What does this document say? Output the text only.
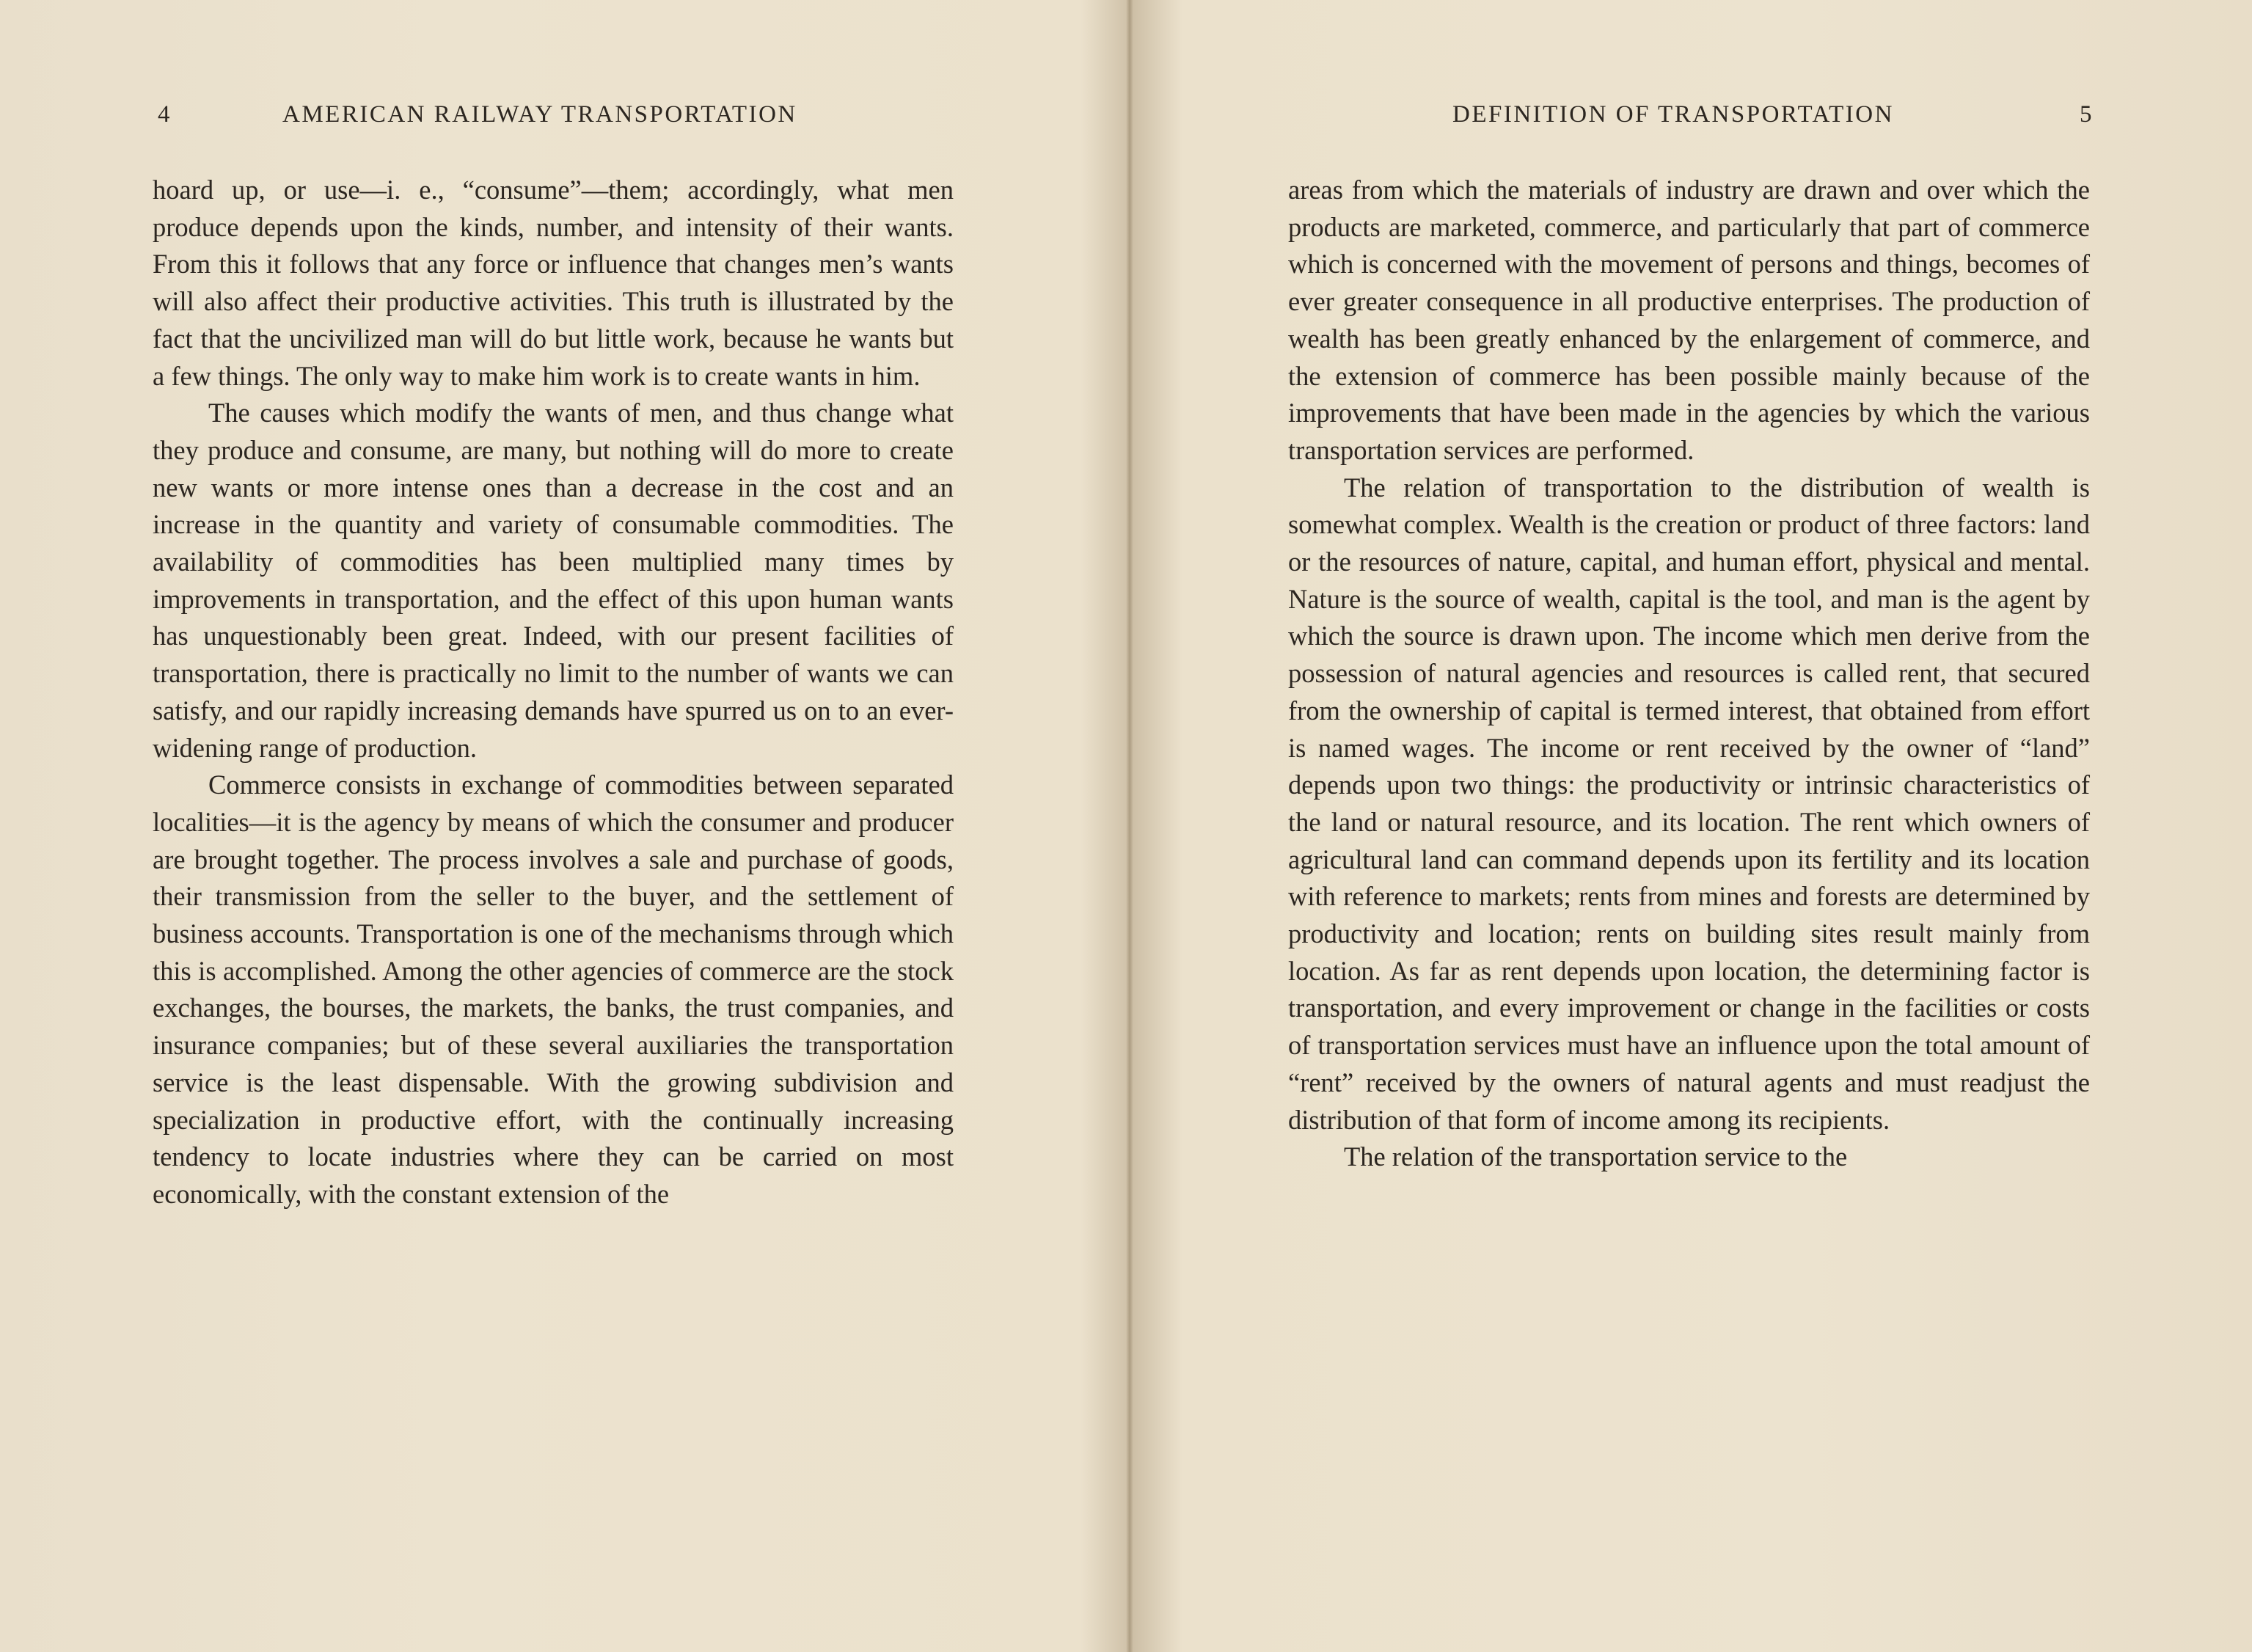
4	AMERICAN RAILWAY TRANSPORTATION

hoard up, or use—i. e., “consume”—them; accordingly, what men produce depends upon the kinds, number, and intensity of their wants. From this it follows that any force or influence that changes men’s wants will also affect their productive activities. This truth is illustrated by the fact that the uncivilized man will do but little work, because he wants but a few things. The only way to make him work is to create wants in him.

The causes which modify the wants of men, and thus change what they produce and consume, are many, but nothing will do more to create new wants or more intense ones than a decrease in the cost and an increase in the quantity and variety of consumable commodities. The availability of commodities has been multiplied many times by improvements in transportation, and the effect of this upon human wants has unquestionably been great. Indeed, with our present facilities of transportation, there is practically no limit to the number of wants we can satisfy, and our rapidly increasing demands have spurred us on to an ever-widening range of production.

Commerce consists in exchange of commodities between separated localities—it is the agency by means of which the consumer and producer are brought together. The process involves a sale and purchase of goods, their transmission from the seller to the buyer, and the settlement of business accounts. Transportation is one of the mechanisms through which this is accomplished. Among the other agencies of commerce are the stock exchanges, the bourses, the markets, the banks, the trust companies, and insurance companies; but of these several auxiliaries the transportation service is the least dispensable. With the growing subdivision and specialization in productive effort, with the continually increasing tendency to locate industries where they can be carried on most economically, with the constant extension of the

DEFINITION OF TRANSPORTATION	5

areas from which the materials of industry are drawn and over which the products are marketed, commerce, and particularly that part of commerce which is concerned with the movement of persons and things, becomes of ever greater consequence in all productive enterprises. The production of wealth has been greatly enhanced by the enlargement of commerce, and the extension of commerce has been possible mainly because of the improvements that have been made in the agencies by which the various transportation services are performed.

The relation of transportation to the distribution of wealth is somewhat complex. Wealth is the creation or product of three factors: land or the resources of nature, capital, and human effort, physical and mental. Nature is the source of wealth, capital is the tool, and man is the agent by which the source is drawn upon. The income which men derive from the possession of natural agencies and resources is called rent, that secured from the ownership of capital is termed interest, that obtained from effort is named wages. The income or rent received by the owner of “land” depends upon two things: the productivity or intrinsic characteristics of the land or natural resource, and its location. The rent which owners of agricultural land can command depends upon its fertility and its location with reference to markets; rents from mines and forests are determined by productivity and location; rents on building sites result mainly from location. As far as rent depends upon location, the determining factor is transportation, and every improvement or change in the facilities or costs of transportation services must have an influence upon the total amount of “rent” received by the owners of natural agents and must readjust the distribution of that form of income among its recipients.

The relation of the transportation service to the
